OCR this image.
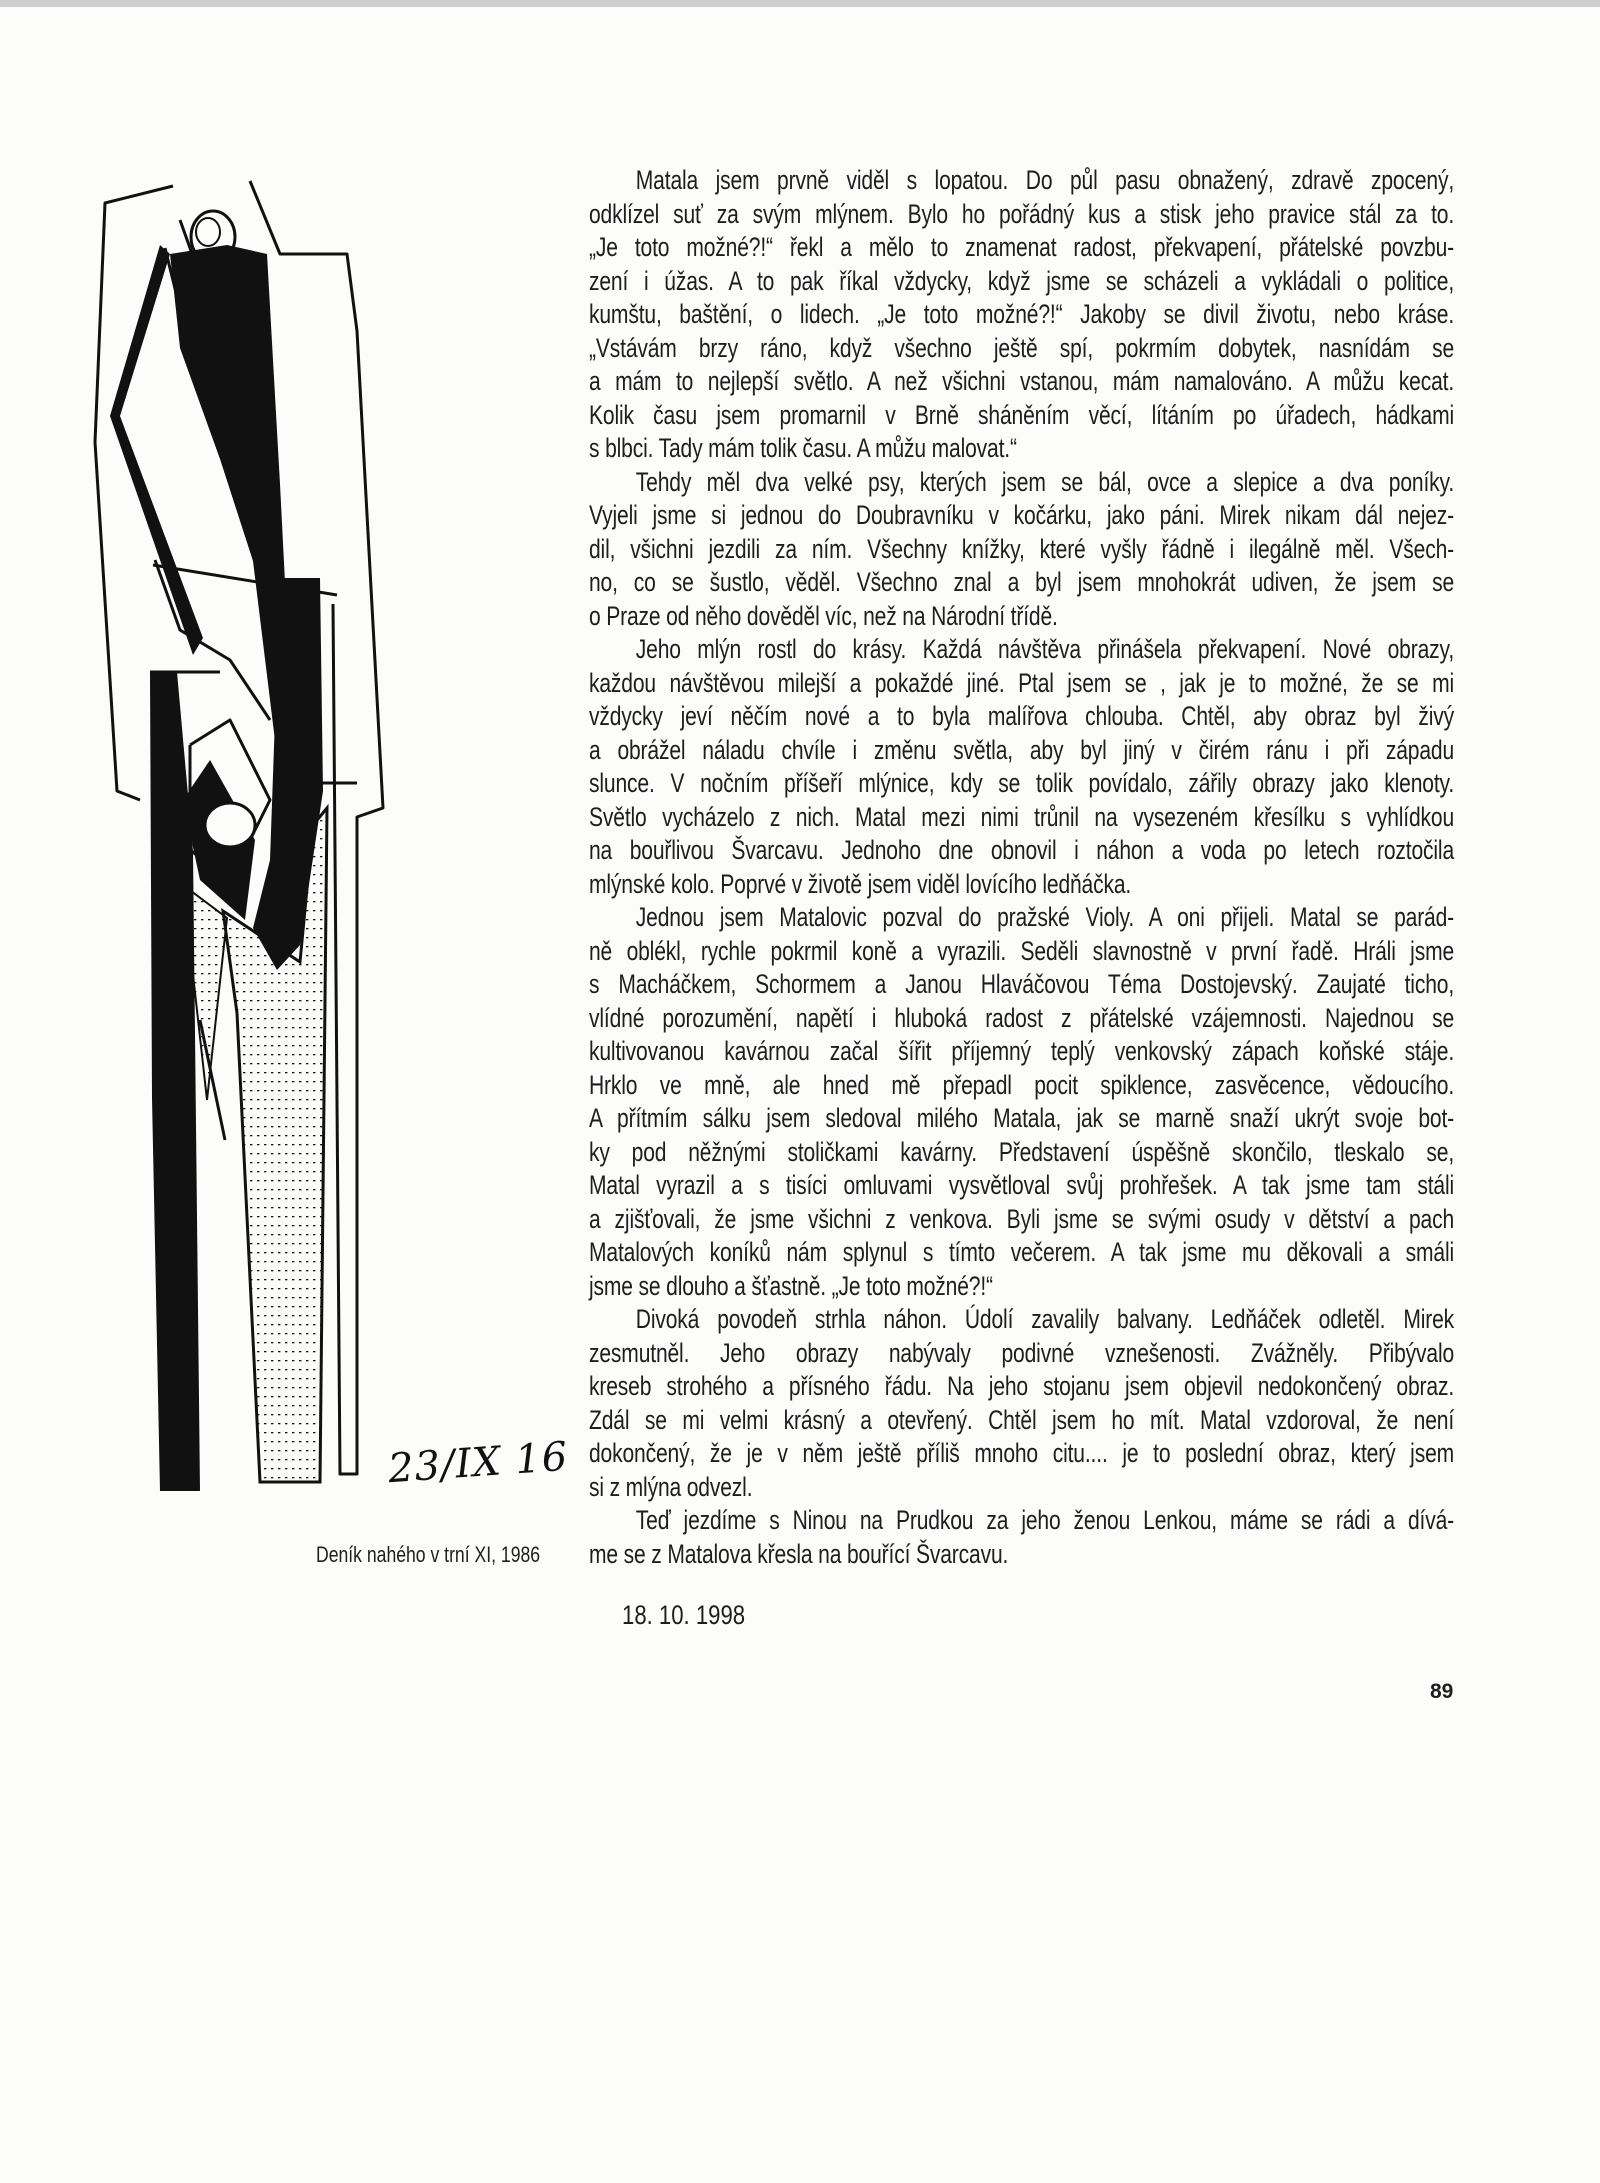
23/IX 16
Deník nahého v trní XI, 1986
Matala jsem prvně viděl s lopatou. Do půl pasu obnažený, zdravě zpocený,
odklízel suť za svým mlýnem. Bylo ho pořádný kus a stisk jeho pravice stál za to.
„Je toto možné?!“ řekl a mělo to znamenat radost, překvapení, přátelské povzbu-
zení i úžas. A to pak říkal vždycky, když jsme se scházeli a vykládali o politice,
kumštu, baštění, o lidech. „Je toto možné?!“ Jakoby se divil životu, nebo kráse.
„Vstávám brzy ráno, když všechno ještě spí, pokrmím dobytek, nasnídám se
a mám to nejlepší světlo. A než všichni vstanou, mám namalováno. A můžu kecat.
Kolik času jsem promarnil v Brně sháněním věcí, lítáním po úřadech, hádkami
s blbci. Tady mám tolik času. A můžu malovat.“
Tehdy měl dva velké psy, kterých jsem se bál, ovce a slepice a dva poníky.
Vyjeli jsme si jednou do Doubravníku v kočárku, jako páni. Mirek nikam dál nejez-
dil, všichni jezdili za ním. Všechny knížky, které vyšly řádně i ilegálně měl. Všech-
no, co se šustlo, věděl. Všechno znal a byl jsem mnohokrát udiven, že jsem se
o Praze od něho dověděl víc, než na Národní třídě.
Jeho mlýn rostl do krásy. Každá návštěva přinášela překvapení. Nové obrazy,
každou návštěvou milejší a pokaždé jiné. Ptal jsem se , jak je to možné, že se mi
vždycky jeví něčím nové a to byla malířova chlouba. Chtěl, aby obraz byl živý
a obrážel náladu chvíle i změnu světla, aby byl jiný v čirém ránu i při západu
slunce. V nočním příšeří mlýnice, kdy se tolik povídalo, zářily obrazy jako klenoty.
Světlo vycházelo z nich. Matal mezi nimi trůnil na vysezeném křesílku s vyhlídkou
na bouřlivou Švarcavu. Jednoho dne obnovil i náhon a voda po letech roztočila
mlýnské kolo. Poprvé v životě jsem viděl lovícího ledňáčka.
Jednou jsem Matalovic pozval do pražské Violy. A oni přijeli. Matal se parád-
ně oblékl, rychle pokrmil koně a vyrazili. Seděli slavnostně v první řadě. Hráli jsme
s Macháčkem, Schormem a Janou Hlaváčovou Téma Dostojevský. Zaujaté ticho,
vlídné porozumění, napětí i hluboká radost z přátelské vzájemnosti. Najednou se
kultivovanou kavárnou začal šířit příjemný teplý venkovský zápach koňské stáje.
Hrklo ve mně, ale hned mě přepadl pocit spiklence, zasvěcence, vědoucího.
A přítmím sálku jsem sledoval milého Matala, jak se marně snaží ukrýt svoje bot-
ky pod něžnými stoličkami kavárny. Představení úspěšně skončilo, tleskalo se,
Matal vyrazil a s tisíci omluvami vysvětloval svůj prohřešek. A tak jsme tam stáli
a zjišťovali, že jsme všichni z venkova. Byli jsme se svými osudy v dětství a pach
Matalových koníků nám splynul s tímto večerem. A tak jsme mu děkovali a smáli
jsme se dlouho a šťastně. „Je toto možné?!“
Divoká povodeň strhla náhon. Údolí zavalily balvany. Ledňáček odletěl. Mirek
zesmutněl. Jeho obrazy nabývaly podivné vznešenosti. Zvážněly. Přibývalo
kreseb strohého a přísného řádu. Na jeho stojanu jsem objevil nedokončený obraz.
Zdál se mi velmi krásný a otevřený. Chtěl jsem ho mít. Matal vzdoroval, že není
dokončený, že je v něm ještě příliš mnoho citu.... je to poslední obraz, který jsem
si z mlýna odvezl.
Teď jezdíme s Ninou na Prudkou za jeho ženou Lenkou, máme se rádi a dívá-
me se z Matalova křesla na bouřící Švarcavu.
18. 10. 1998
89
